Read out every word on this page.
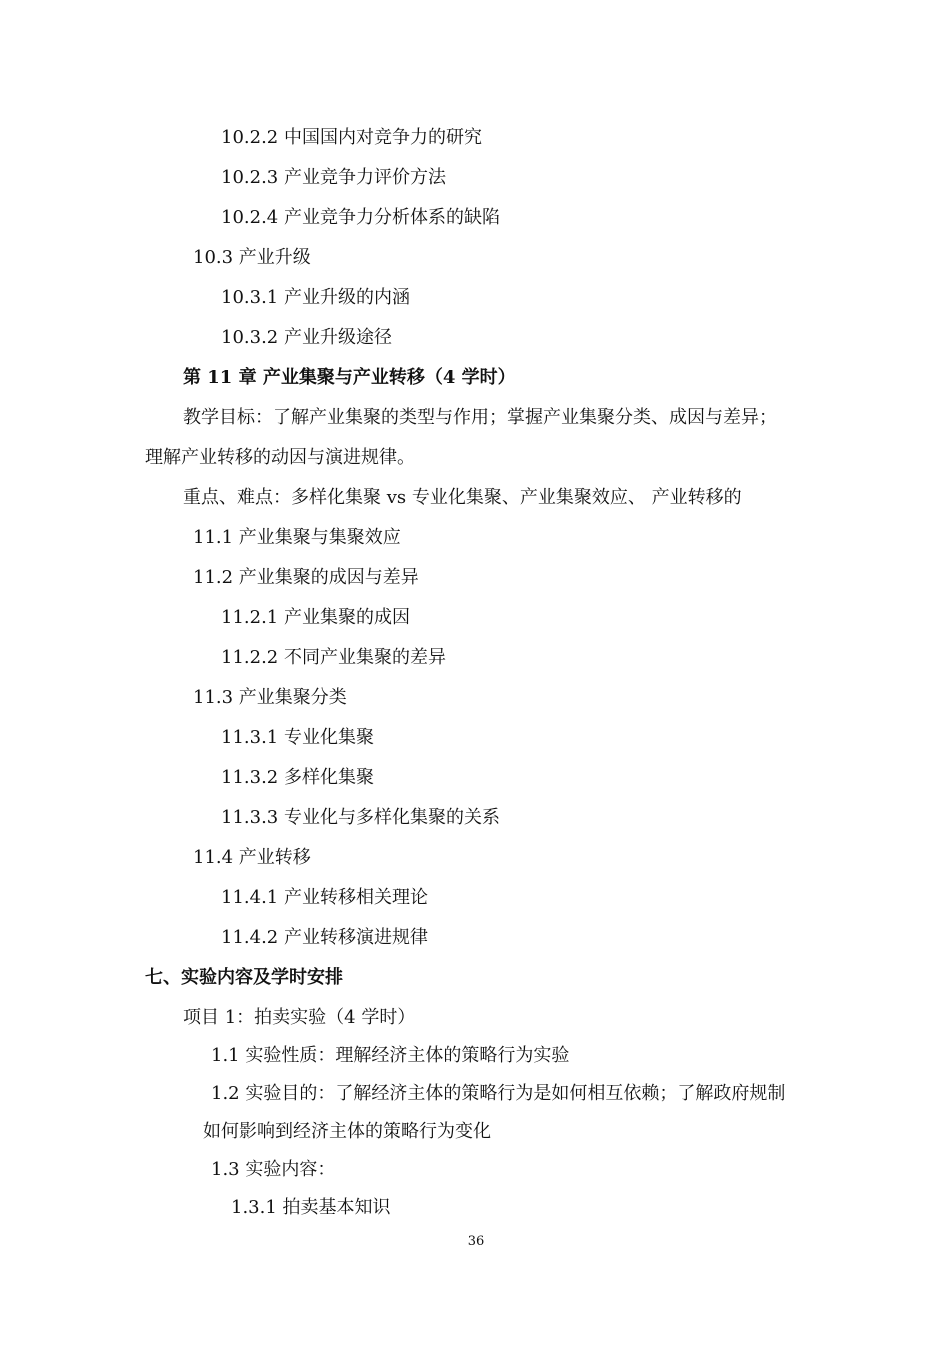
10.2.2 中国国内对竞争力的研究
10.2.3 产业竞争力评价方法
10.2.4 产业竞争力分析体系的缺陷
10.3 产业升级
10.3.1 产业升级的内涵
10.3.2 产业升级途径
第 11 章 产业集聚与产业转移（4 学时）
教学目标：了解产业集聚的类型与作用；掌握产业集聚分类、成因与差异；
理解产业转移的动因与演进规律。
重点、难点：多样化集聚 vs 专业化集聚、产业集聚效应、 产业转移的
11.1 产业集聚与集聚效应
11.2 产业集聚的成因与差异
11.2.1 产业集聚的成因
11.2.2 不同产业集聚的差异
11.3 产业集聚分类
11.3.1 专业化集聚
11.3.2 多样化集聚
11.3.3 专业化与多样化集聚的关系
11.4 产业转移
11.4.1 产业转移相关理论
11.4.2 产业转移演进规律
七、实验内容及学时安排
项目 1：拍卖实验（4 学时）
1.1 实验性质：理解经济主体的策略行为实验
1.2 实验目的：了解经济主体的策略行为是如何相互依赖；了解政府规制
如何影响到经济主体的策略行为变化
1.3 实验内容：
1.3.1 拍卖基本知识
36
